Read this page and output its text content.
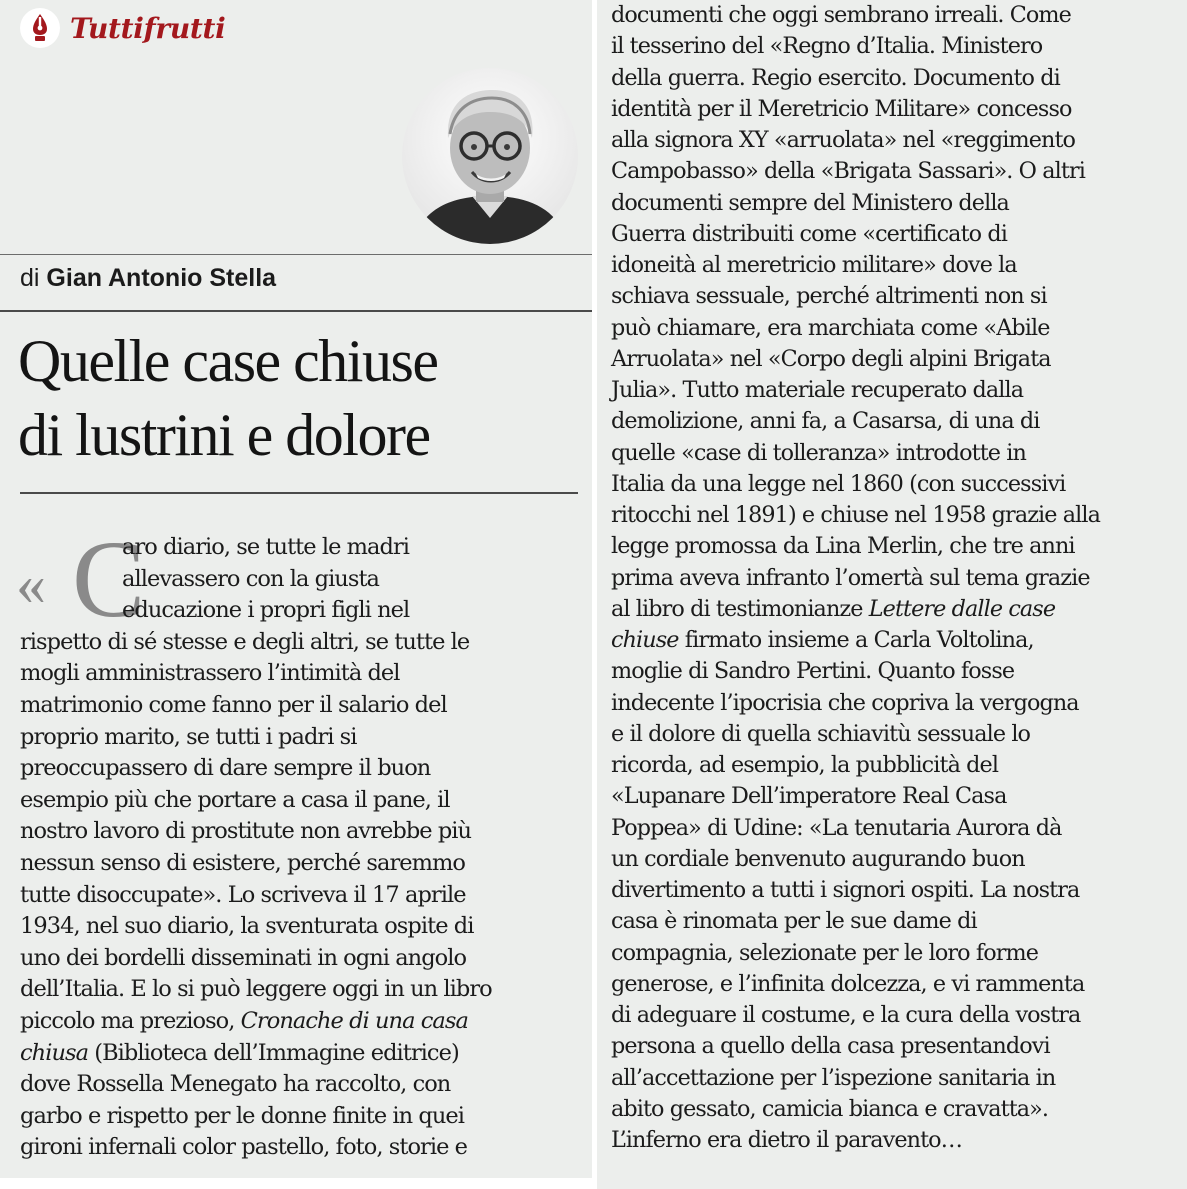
Tuttifrutti
di Gian Antonio Stella
Quelle case chiuse
di lustrini e dolore
« C
aro diario, se tutte le madri
allevassero con la giusta
educazione i propri figli nel
rispetto di sé stesse e degli altri, se tutte le
mogli amministrassero l’intimità del
matrimonio come fanno per il salario del
proprio marito, se tutti i padri si
preoccupassero di dare sempre il buon
esempio più che portare a casa il pane, il
nostro lavoro di prostitute non avrebbe più
nessun senso di esistere, perché saremmo
tutte disoccupate». Lo scriveva il 17 aprile
1934, nel suo diario, la sventurata ospite di
uno dei bordelli disseminati in ogni angolo
dell’Italia. E lo si può leggere oggi in un libro
piccolo ma prezioso, Cronache di una casa
chiusa (Biblioteca dell’Immagine editrice)
dove Rossella Menegato ha raccolto, con
garbo e rispetto per le donne finite in quei
gironi infernali color pastello, foto, storie e
documenti che oggi sembrano irreali. Come
il tesserino del «Regno d’Italia. Ministero
della guerra. Regio esercito. Documento di
identità per il Meretricio Militare» concesso
alla signora XY «arruolata» nel «reggimento
Campobasso» della «Brigata Sassari». O altri
documenti sempre del Ministero della
Guerra distribuiti come «certificato di
idoneità al meretricio militare» dove la
schiava sessuale, perché altrimenti non si
può chiamare, era marchiata come «Abile
Arruolata» nel «Corpo degli alpini Brigata
Julia». Tutto materiale recuperato dalla
demolizione, anni fa, a Casarsa, di una di
quelle «case di tolleranza» introdotte in
Italia da una legge nel 1860 (con successivi
ritocchi nel 1891) e chiuse nel 1958 grazie alla
legge promossa da Lina Merlin, che tre anni
prima aveva infranto l’omertà sul tema grazie
al libro di testimonianze Lettere dalle case
chiuse firmato insieme a Carla Voltolina,
moglie di Sandro Pertini. Quanto fosse
indecente l’ipocrisia che copriva la vergogna
e il dolore di quella schiavitù sessuale lo
ricorda, ad esempio, la pubblicità del
«Lupanare Dell’imperatore Real Casa
Poppea» di Udine: «La tenutaria Aurora dà
un cordiale benvenuto augurando buon
divertimento a tutti i signori ospiti. La nostra
casa è rinomata per le sue dame di
compagnia, selezionate per le loro forme
generose, e l’infinita dolcezza, e vi rammenta
di adeguare il costume, e la cura della vostra
persona a quello della casa presentandovi
all’accettazione per l’ispezione sanitaria in
abito gessato, camicia bianca e cravatta».
L’inferno era dietro il paravento…
